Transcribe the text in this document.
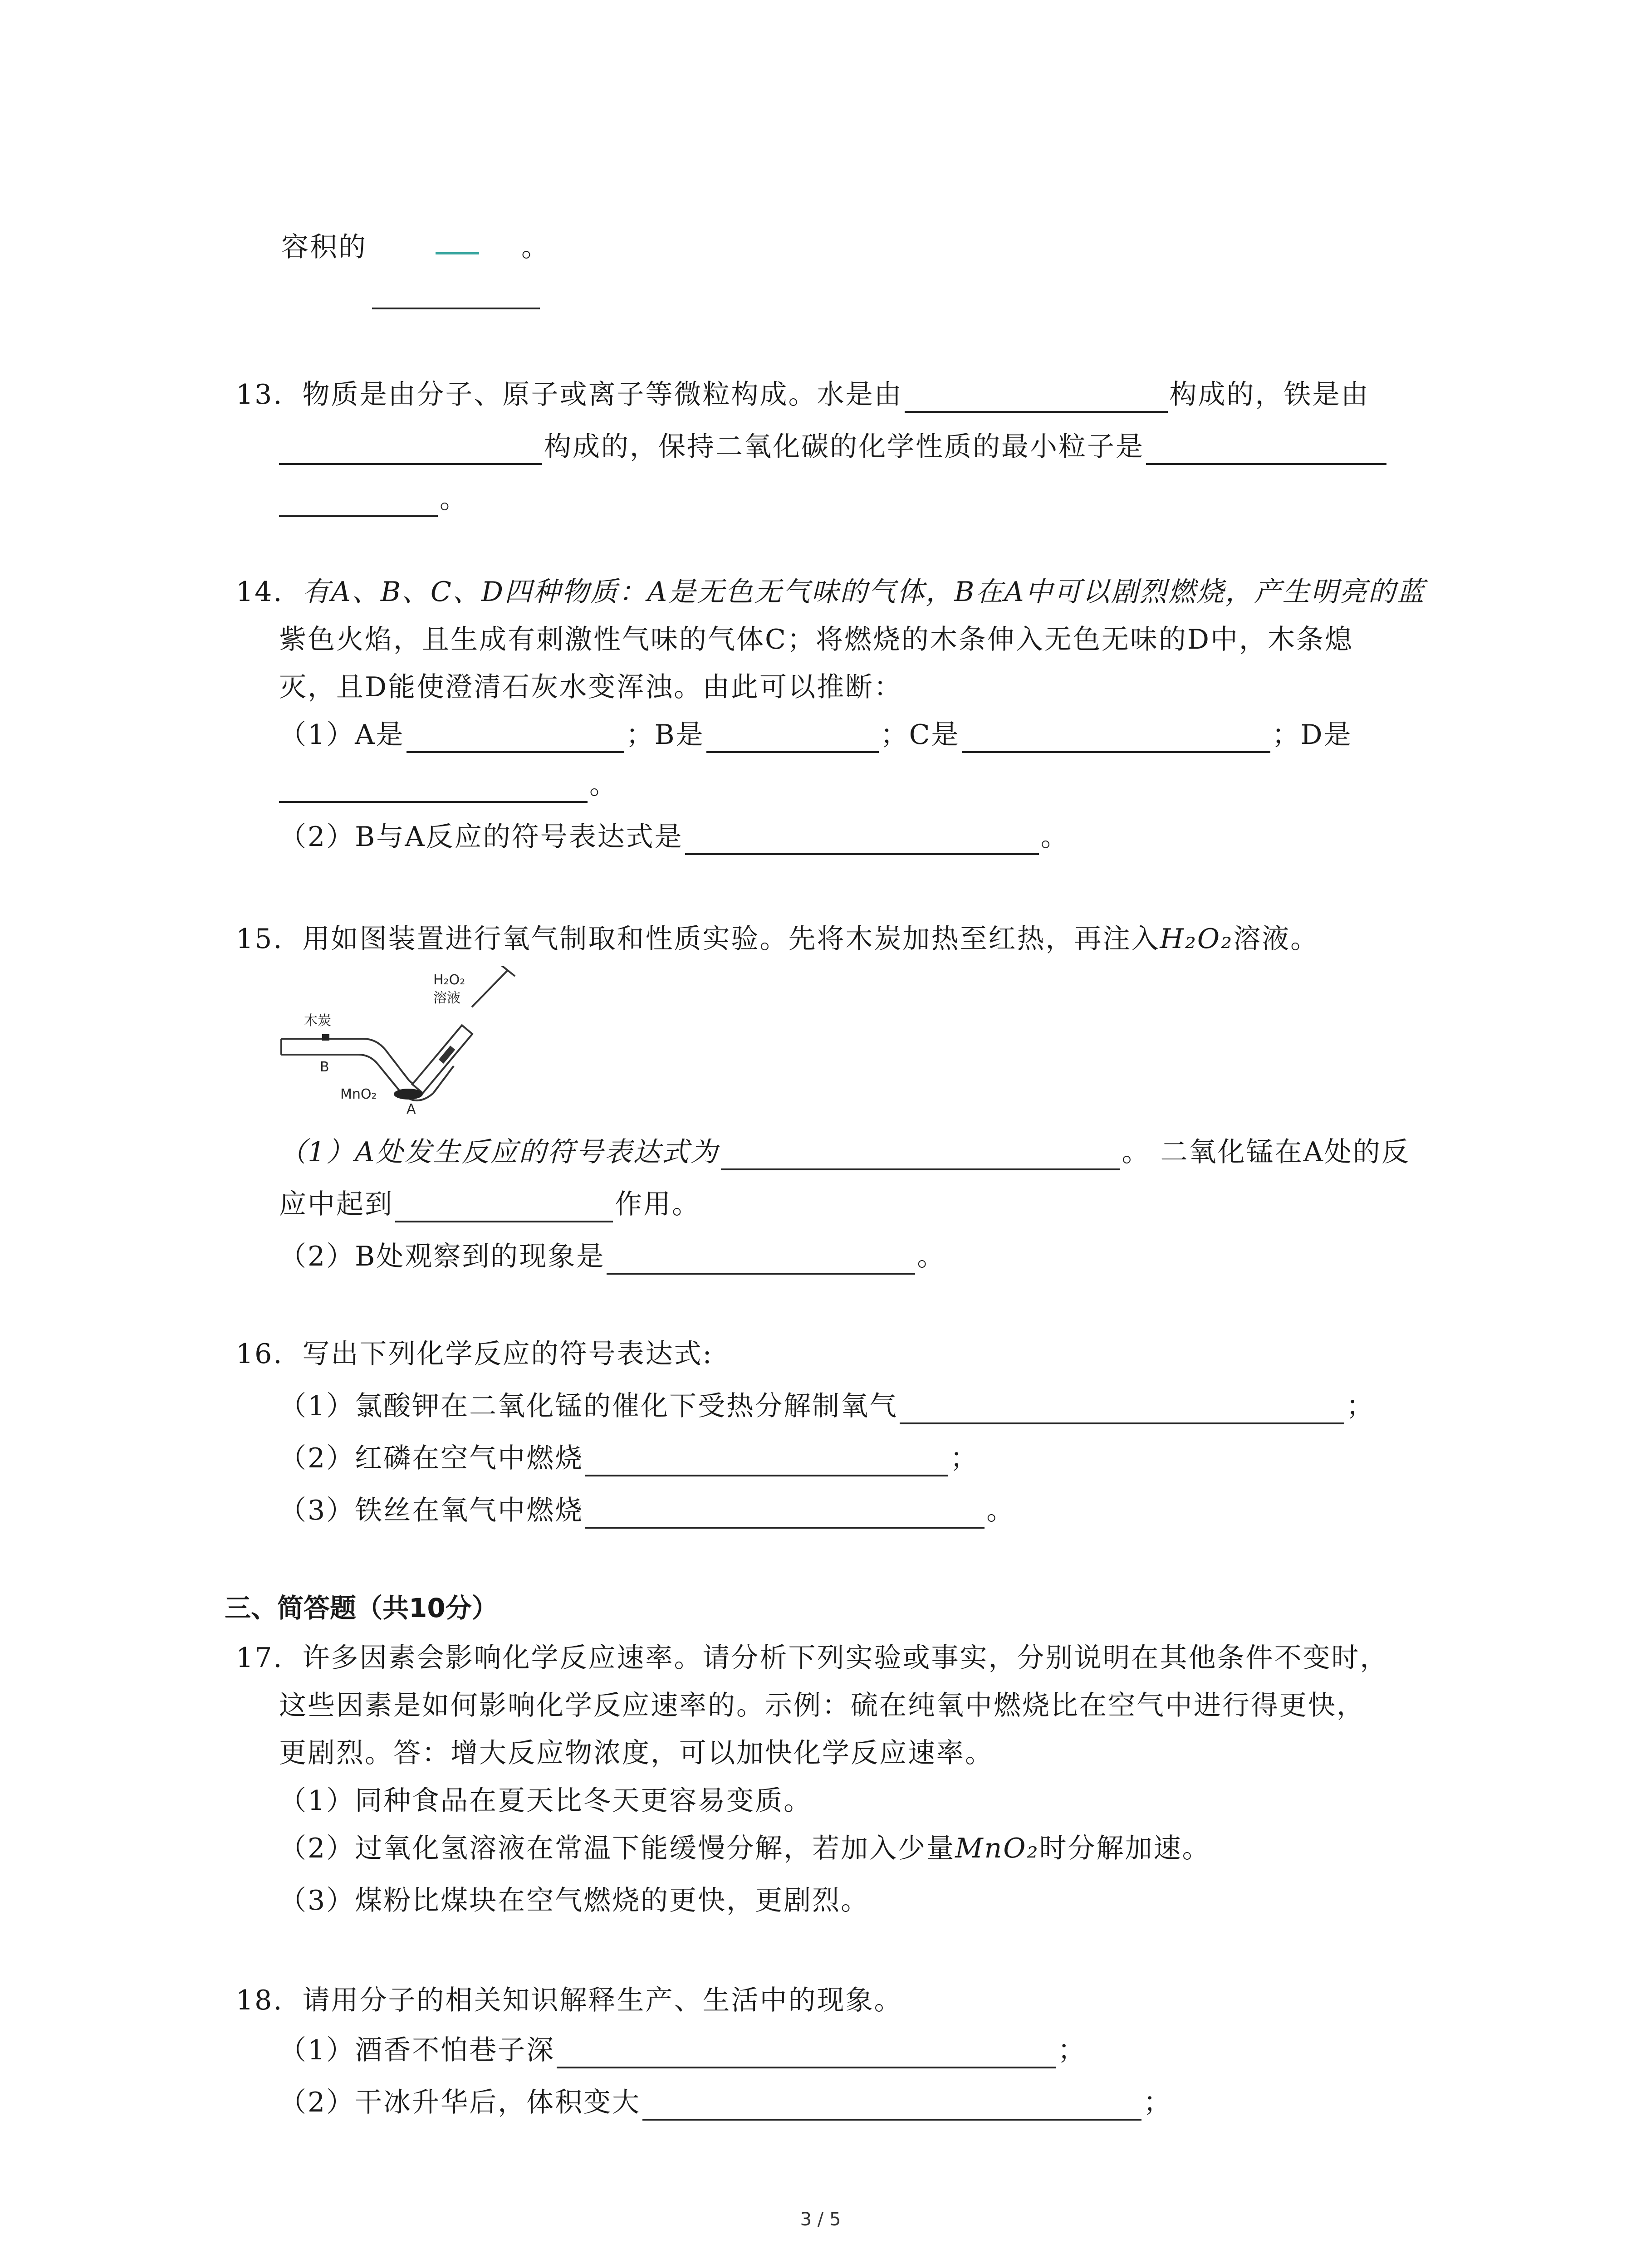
容积的	。
13. 物质是由分子、原子或离子等微粒构成。水是由	构成的，铁是由
构成的，保持二氧化碳的化学性质的最小粒子是
。
14. 有A、B、C、D四种物质：A是无色无气味的气体，B在A中可以剧烈燃烧，产生明亮的蓝
紫色火焰，且生成有刺激性气味的气体C；将燃烧的木条伸入无色无味的D中，木条熄
灭，且D能使澄清石灰水变浑浊。由此可以推断：
（1）A是	；B是	；C是	；D是
。
（2）B与A反应的符号表达式是	。
15. 用如图装置进行氧气制取和性质实验。先将木炭加热至红热，再注入H₂O₂溶液。
H₂O₂
溶液
木炭
B
MnO₂
A
（1）A处发生反应的符号表达式为	。 二氧化锰在A处的反
应中起到	作用。
（2）B处观察到的现象是	。
16. 写出下列化学反应的符号表达式:
（1）氯酸钾在二氧化锰的催化下受热分解制氧气	；
（2）红磷在空气中燃烧	；
（3）铁丝在氧气中燃烧	。
三、简答题（共10分）
17. 许多因素会影响化学反应速率。请分析下列实验或事实，分别说明在其他条件不变时，
这些因素是如何影响化学反应速率的。示例：硫在纯氧中燃烧比在空气中进行得更快，
更剧烈。答：增大反应物浓度，可以加快化学反应速率。
（1）同种食品在夏天比冬天更容易变质。
（2）过氧化氢溶液在常温下能缓慢分解，若加入少量MnO₂时分解加速。
（3）煤粉比煤块在空气燃烧的更快，更剧烈。
18. 请用分子的相关知识解释生产、生活中的现象。
（1）酒香不怕巷子深	；
（2）干冰升华后，体积变大	；
3 / 5
